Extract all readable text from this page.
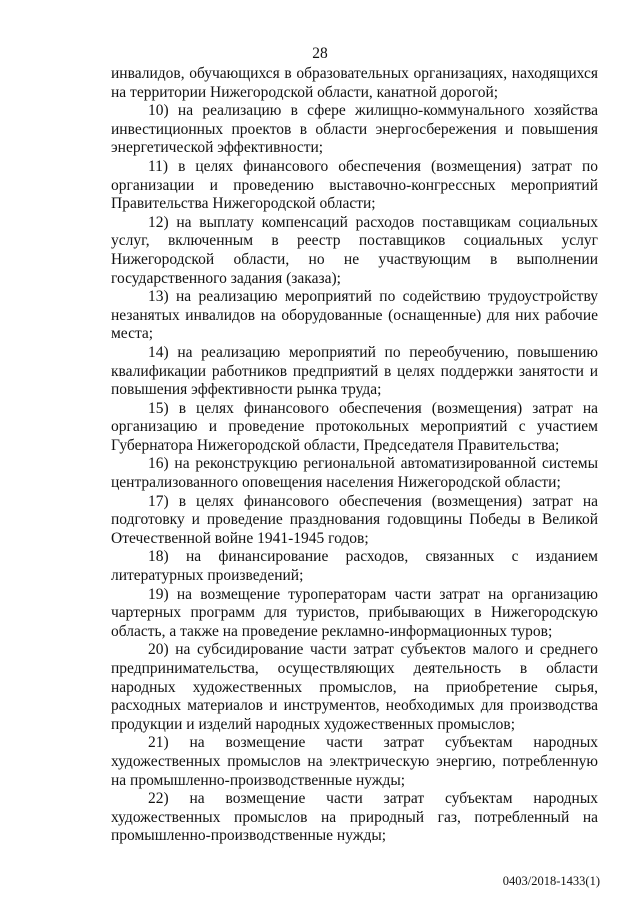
28

инвалидов, обучающихся в образовательных организациях, находящихся на территории Нижегородской области, канатной дорогой;

10) на реализацию в сфере жилищно-коммунального хозяйства инвестиционных проектов в области энергосбережения и повышения энергетической эффективности;

11) в целях финансового обеспечения (возмещения) затрат по организации и проведению выставочно-конгрессных мероприятий Правительства Нижегородской области;

12) на выплату компенсаций расходов поставщикам социальных услуг, включенным в реестр поставщиков социальных услуг Нижегородской области, но не участвующим в выполнении государственного задания (заказа);

13) на реализацию мероприятий по содействию трудоустройству незанятых инвалидов на оборудованные (оснащенные) для них рабочие места;

14) на реализацию мероприятий по переобучению, повышению квалификации работников предприятий в целях поддержки занятости и повышения эффективности рынка труда;

15) в целях финансового обеспечения (возмещения) затрат на организацию и проведение протокольных мероприятий с участием Губернатора Нижегородской области, Председателя Правительства;

16) на реконструкцию региональной автоматизированной системы централизованного оповещения населения Нижегородской области;

17) в целях финансового обеспечения (возмещения) затрат на подготовку и проведение празднования годовщины Победы в Великой Отечественной войне 1941-1945 годов;

18) на финансирование расходов, связанных с изданием литературных произведений;

19) на возмещение туроператорам части затрат на организацию чартерных программ для туристов, прибывающих в Нижегородскую область, а также на проведение рекламно-информационных туров;

20) на субсидирование части затрат субъектов малого и среднего предпринимательства, осуществляющих деятельность в области народных художественных промыслов, на приобретение сырья, расходных материалов и инструментов, необходимых для производства продукции и изделий народных художественных промыслов;

21) на возмещение части затрат субъектам народных художественных промыслов на электрическую энергию, потребленную на промышленно-производственные нужды;

22) на возмещение части затрат субъектам народных художественных промыслов на природный газ, потребленный на промышленно-производственные нужды;

0403/2018-1433(1)
